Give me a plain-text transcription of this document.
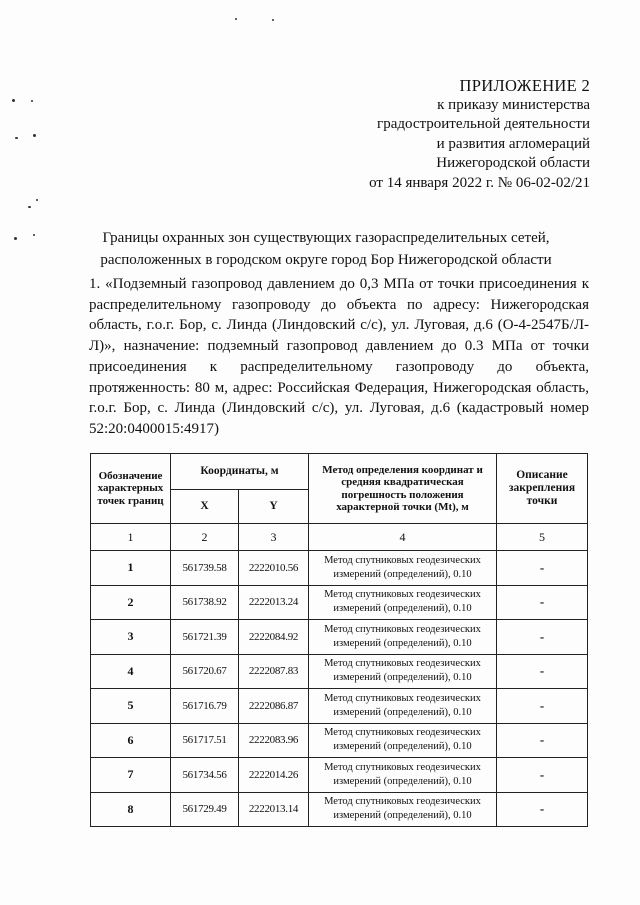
ПРИЛОЖЕНИЕ 2
к приказу министерства
градостроительной деятельности
и развития агломераций
Нижегородской области
от 14 января 2022 г. № 06-02-02/21
Границы охранных зон существующих газораспределительных сетей,
расположенных в городском округе город Бор Нижегородской области
1. «Подземный газопровод давлением до 0,3 МПа от точки присоединения к распределительному газопроводу до объекта по адресу: Нижегородская область, г.о.г. Бор, с. Линда (Линдовский с/с), ул. Луговая, д.6 (О-4-2547Б/Л-Л)», назначение: подземный газопровод давлением до 0.3 МПа от точки присоединения к распределительному газопроводу до объекта, протяженность: 80 м, адрес: Российская Федерация, Нижегородская область, г.о.г. Бор, с. Линда (Линдовский с/с), ул. Луговая, д.6 (кадастровый номер 52:20:0400015:4917)
Обозначение характерных точек границ	Координаты, м		Метод определения координат и средняя квадратическая погрешность положения характерной точки (Mt), м	Описание закрепления точки
	X	Y		
1	2	3	4	5
1	561739.58	2222010.56	Метод спутниковых геодезических измерений (определений), 0.10	-
2	561738.92	2222013.24	Метод спутниковых геодезических измерений (определений), 0.10	-
3	561721.39	2222084.92	Метод спутниковых геодезических измерений (определений), 0.10	-
4	561720.67	2222087.83	Метод спутниковых геодезических измерений (определений), 0.10	-
5	561716.79	2222086.87	Метод спутниковых геодезических измерений (определений), 0.10	-
6	561717.51	2222083.96	Метод спутниковых геодезических измерений (определений), 0.10	-
7	561734.56	2222014.26	Метод спутниковых геодезических измерений (определений), 0.10	-
8	561729.49	2222013.14	Метод спутниковых геодезических измерений (определений), 0.10	-
